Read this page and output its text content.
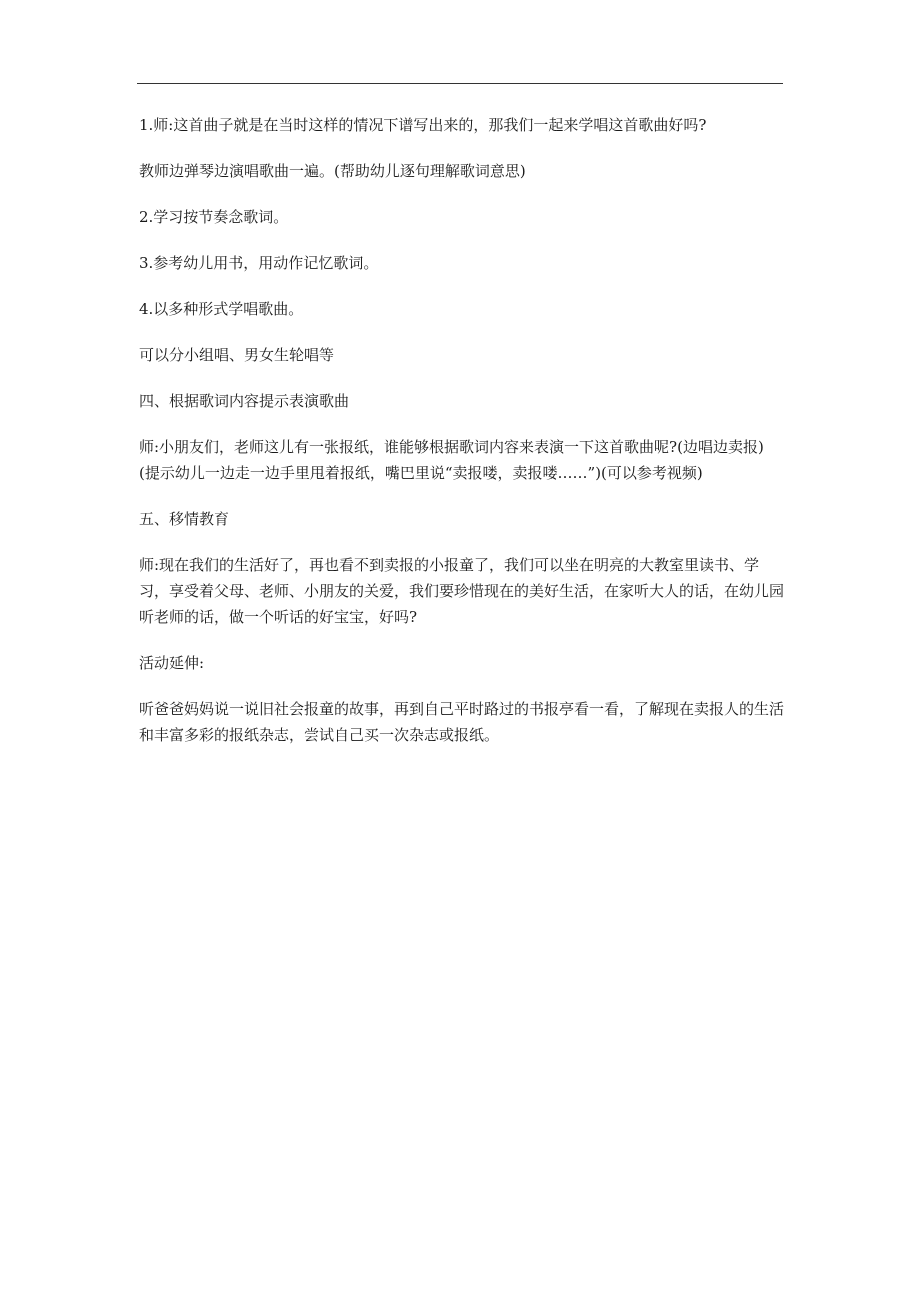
1.师:这首曲子就是在当时这样的情况下谱写出来的，那我们一起来学唱这首歌曲好吗?

教师边弹琴边演唱歌曲一遍。(帮助幼儿逐句理解歌词意思)

2.学习按节奏念歌词。

3.参考幼儿用书，用动作记忆歌词。

4.以多种形式学唱歌曲。

可以分小组唱、男女生轮唱等

四、根据歌词内容提示表演歌曲

师:小朋友们，老师这儿有一张报纸，谁能够根据歌词内容来表演一下这首歌曲呢?(边唱边卖报)(提示幼儿一边走一边手里甩着报纸，嘴巴里说“卖报喽，卖报喽……”)(可以参考视频)

五、移情教育

师:现在我们的生活好了，再也看不到卖报的小报童了，我们可以坐在明亮的大教室里读书、学习，享受着父母、老师、小朋友的关爱，我们要珍惜现在的美好生活，在家听大人的话，在幼儿园听老师的话，做一个听话的好宝宝，好吗?

活动延伸:

听爸爸妈妈说一说旧社会报童的故事，再到自己平时路过的书报亭看一看，了解现在卖报人的生活和丰富多彩的报纸杂志，尝试自己买一次杂志或报纸。
